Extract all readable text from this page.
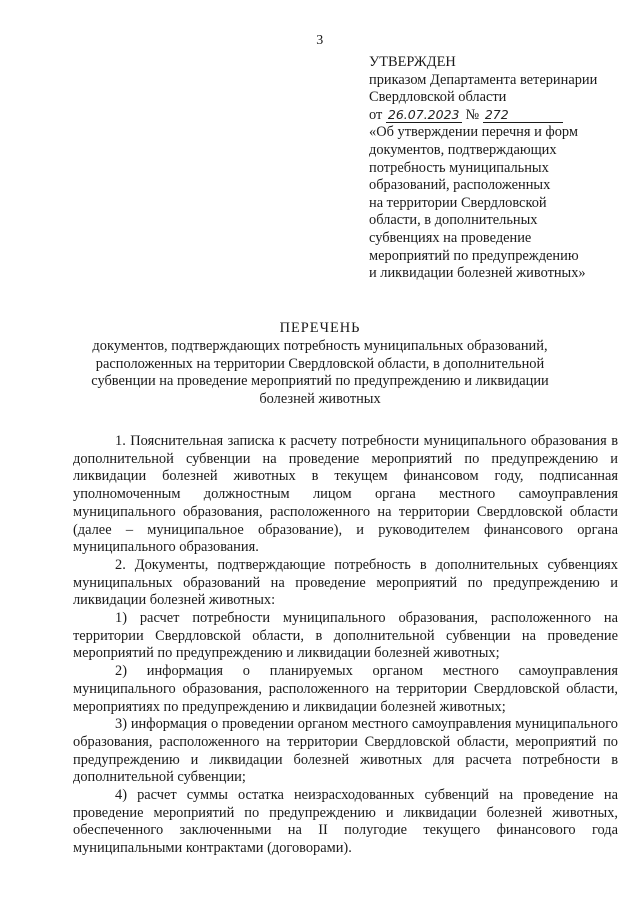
3
УТВЕРЖДЕН
приказом Департамента ветеринарии
Свердловской области
от 26.07.2023 № 272
«Об утверждении перечня и форм
документов, подтверждающих
потребность муниципальных
образований, расположенных
на территории Свердловской
области, в дополнительных
субвенциях на проведение
мероприятий по предупреждению
и ликвидации болезней животных»
ПЕРЕЧЕНЬ
документов, подтверждающих потребность муниципальных образований,
расположенных на территории Свердловской области, в дополнительной
субвенции на проведение мероприятий по предупреждению и ликвидации
болезней животных

1. Пояснительная записка к расчету потребности муниципального образования в дополнительной субвенции на проведение мероприятий по предупреждению и ликвидации болезней животных в текущем финансовом году, подписанная уполномоченным должностным лицом органа местного самоуправления муниципального образования, расположенного на территории Свердловской области (далее – муниципальное образование), и руководителем финансового органа муниципального образования.

2. Документы, подтверждающие потребность в дополнительных субвенциях муниципальных образований на проведение мероприятий по предупреждению и ликвидации болезней животных:

1) расчет потребности муниципального образования, расположенного на территории Свердловской области, в дополнительной субвенции на проведение мероприятий по предупреждению и ликвидации болезней животных;

2) информация о планируемых органом местного самоуправления муниципального образования, расположенного на территории Свердловской области, мероприятиях по предупреждению и ликвидации болезней животных;

3) информация о проведении органом местного самоуправления муниципального образования, расположенного на территории Свердловской области, мероприятий по предупреждению и ликвидации болезней животных для расчета потребности в дополнительной субвенции;

4) расчет суммы остатка неизрасходованных субвенций на проведение на проведение мероприятий по предупреждению и ликвидации болезней животных, обеспеченного заключенными на II полугодие текущего финансового года муниципальными контрактами (договорами).
